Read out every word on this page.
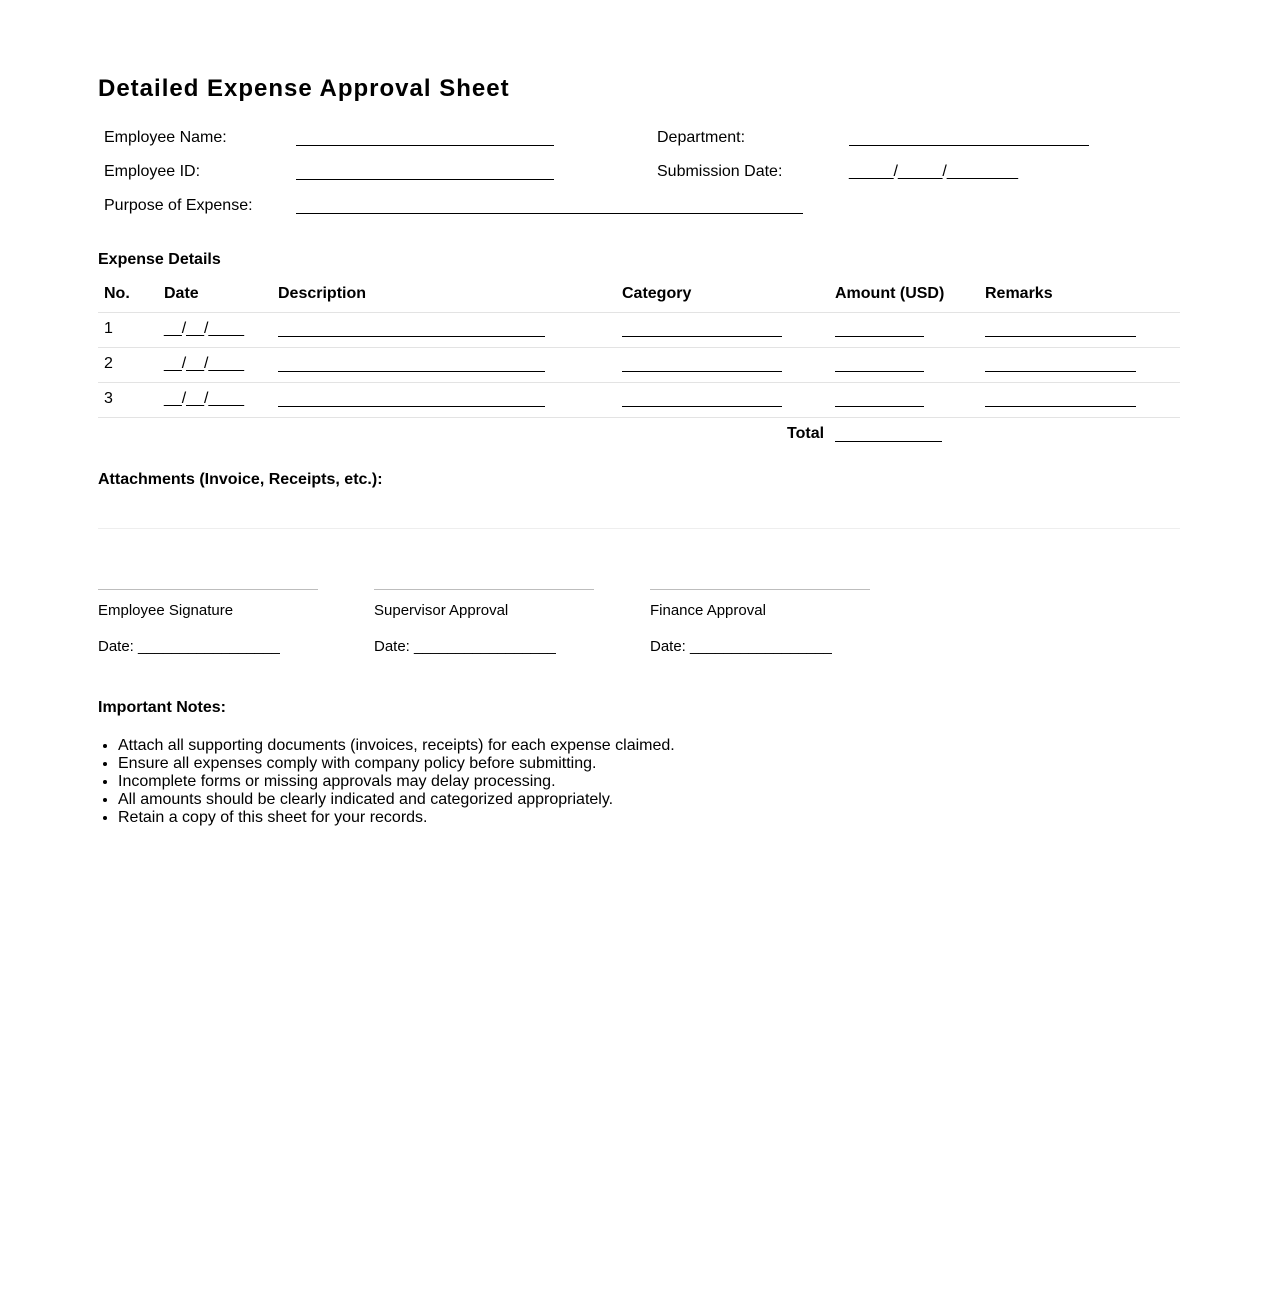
Detailed Expense Approval Sheet
Employee Name:	Department:
Employee ID:	Submission Date:	_____/_____/________
Purpose of Expense:
Expense Details
No. Date	Description	Category	Amount (USD)	Remarks
1	__/__/____
2	__/__/____
3	__/__/____
Total
Attachments (Invoice, Receipts, etc.):
Employee Signature
Date: _________________
Supervisor Approval
Date: _________________
Finance Approval
Date: _________________
Important Notes:
• Attach all supporting documents (invoices, receipts) for each expense claimed.
• Ensure all expenses comply with company policy before submitting.
• Incomplete forms or missing approvals may delay processing.
• All amounts should be clearly indicated and categorized appropriately.
• Retain a copy of this sheet for your records.
